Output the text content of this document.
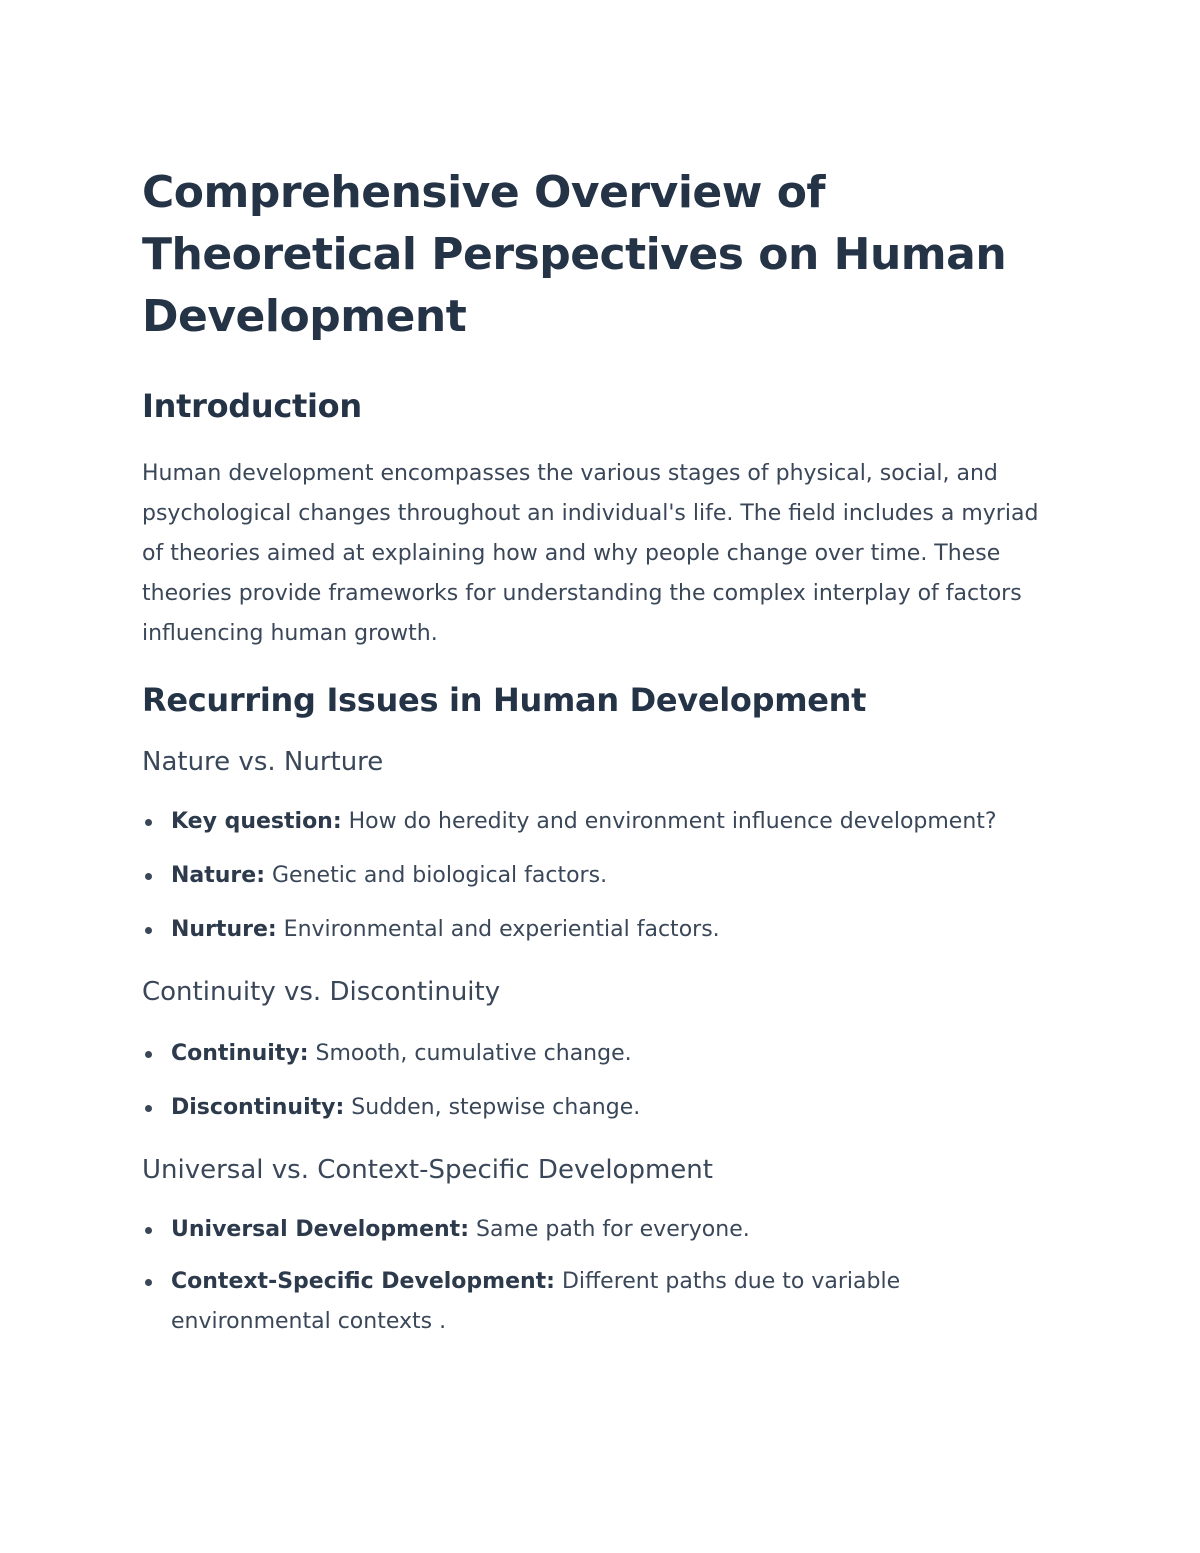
Comprehensive Overview of Theoretical Perspectives on Human Development
Introduction

Human development encompasses the various stages of physical, social, and psychological changes throughout an individual's life. The field includes a myriad of theories aimed at explaining how and why people change over time. These theories provide frameworks for understanding the complex interplay of factors influencing human growth.

Recurring Issues in Human Development
Nature vs. Nurture
Key question: How do heredity and environment influence development?
Nature: Genetic and biological factors.
Nurture: Environmental and experiential factors.
Continuity vs. Discontinuity
Continuity: Smooth, cumulative change.
Discontinuity: Sudden, stepwise change.
Universal vs. Context-Specific Development
Universal Development: Same path for everyone.
Context-Specific Development: Different paths due to variable environmental contexts .
